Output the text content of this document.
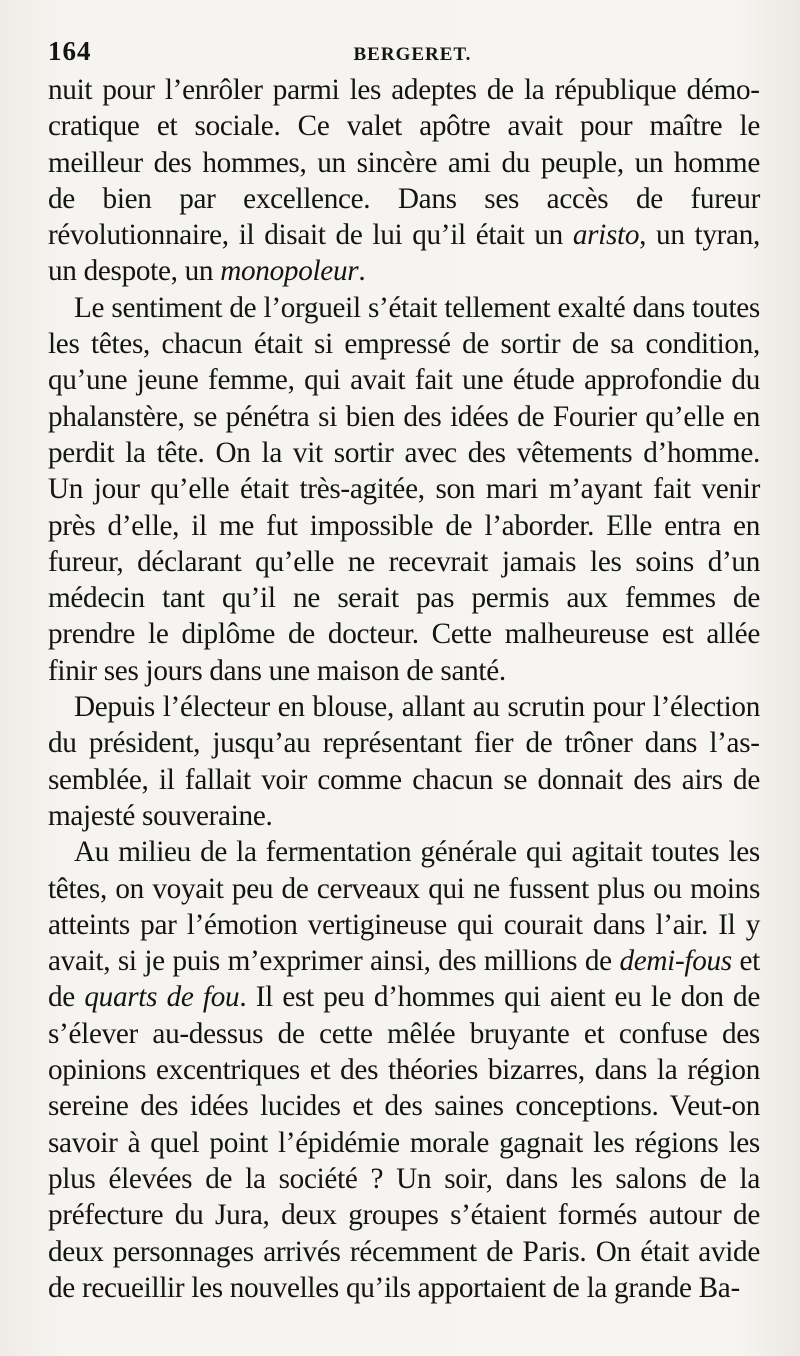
164	BERGERET.

nuit pour l’enrôler parmi les adeptes de la république démocratique et sociale. Ce valet apôtre avait pour maître le meilleur des hommes, un sincère ami du peuple, un homme de bien par excellence. Dans ses accès de fureur révolutionnaire, il disait de lui qu’il était un aristo, un tyran, un despote, un monopoleur.

Le sentiment de l’orgueil s’était tellement exalté dans toutes les têtes, chacun était si empressé de sortir de sa condition, qu’une jeune femme, qui avait fait une étude approfondie du phalanstère, se pénétra si bien des idées de Fourier qu’elle en perdit la tête. On la vit sortir avec des vêtements d’homme. Un jour qu’elle était très-agitée, son mari m’ayant fait venir près d’elle, il me fut impossible de l’aborder. Elle entra en fureur, déclarant qu’elle ne recevrait jamais les soins d’un médecin tant qu’il ne serait pas permis aux femmes de prendre le diplôme de docteur. Cette malheureuse est allée finir ses jours dans une maison de santé.

Depuis l’électeur en blouse, allant au scrutin pour l’élection du président, jusqu’au représentant fier de trôner dans l’assemblée, il fallait voir comme chacun se donnait des airs de majesté souveraine.

Au milieu de la fermentation générale qui agitait toutes les têtes, on voyait peu de cerveaux qui ne fussent plus ou moins atteints par l’émotion vertigineuse qui courait dans l’air. Il y avait, si je puis m’exprimer ainsi, des millions de demi-fous et de quarts de fou. Il est peu d’hommes qui aient eu le don de s’élever au-dessus de cette mêlée bruyante et confuse des opinions excentriques et des théories bizarres, dans la région sereine des idées lucides et des saines conceptions. Veut-on savoir à quel point l’épidémie morale gagnait les régions les plus élevées de la société ? Un soir, dans les salons de la préfecture du Jura, deux groupes s’étaient formés autour de deux personnages arrivés récemment de Paris. On était avide de recueillir les nouvelles qu’ils apportaient de la grande Ba-
